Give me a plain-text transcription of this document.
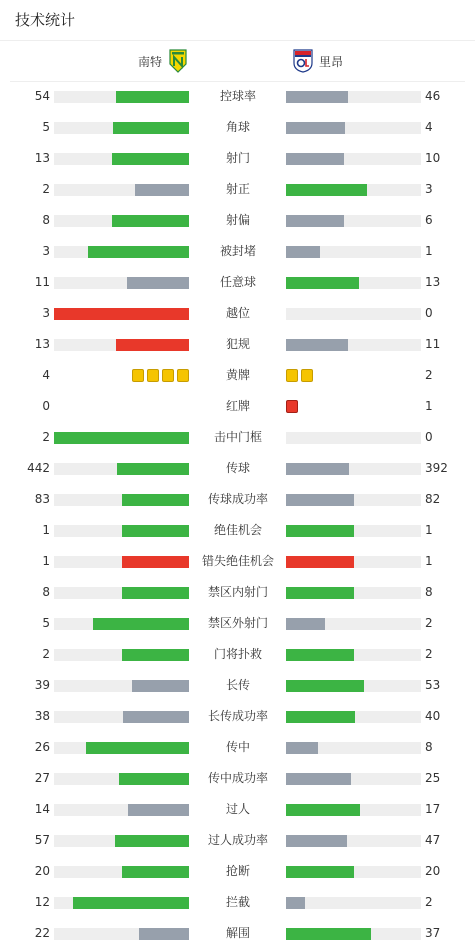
技术统计
南特	里昂
54	控球率	46
5	角球	4
13	射门	10
2	射正	3
8	射偏	6
3	被封堵	1
11	任意球	13
3	越位	0
13	犯规	11
4	黄牌	2
0	红牌	1
2	击中门框	0
442	传球	392
83	传球成功率	82
1	绝佳机会	1
1	错失绝佳机会	1
8	禁区内射门	8
5	禁区外射门	2
2	门将扑救	2
39	长传	53
38	长传成功率	40
26	传中	8
27	传中成功率	25
14	过人	17
57	过人成功率	47
20	抢断	20
12	拦截	2
22	解围	37
